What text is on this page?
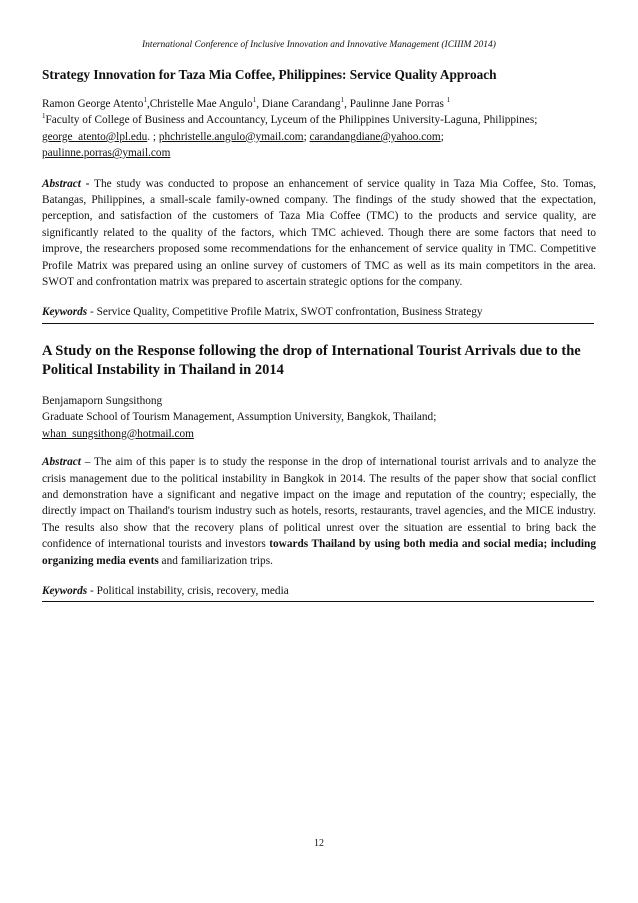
International Conference of Inclusive Innovation and Innovative Management (ICIIIM 2014)
Strategy Innovation for Taza Mia Coffee, Philippines: Service Quality Approach

Ramon George Atento$^1$,Christelle Mae Angulo$^1$, Diane Carandang$^1$, Paulinne Jane Porras $^1$

$^1$Faculty of College of Business and Accountancy, Lyceum of the Philippines University-Laguna, Philippines; george_atento@lpl.edu. ; phchristelle.angulo@ymail.com; carandangdiane@yahoo.com;
paulinne.porras@ymail.com

Abstract - The study was conducted to propose an enhancement of service quality in Taza Mia Coffee, Sto. Tomas, Batangas, Philippines, a small-scale family-owned company. The findings of the study showed that the expectation, perception, and satisfaction of the customers of Taza Mia Coffee (TMC) to the products and service quality, are significantly related to the quality of the factors, which TMC achieved. Though there are some factors that need to improve, the researchers proposed some recommendations for the enhancement of service quality in TMC. Competitive Profile Matrix was prepared using an online survey of customers of TMC as well as its main competitors in the area. SWOT and confrontation matrix was prepared to ascertain strategic options for the company.
Keywords - Service Quality, Competitive Profile Matrix, SWOT confrontation, Business Strategy
A Study on the Response following the drop of International Tourist Arrivals due to the Political Instability in Thailand in 2014

Benjamaporn Sungsithong

Graduate School of Tourism Management, Assumption University, Bangkok, Thailand;

whan_sungsithong@hotmail.com

Abstract – The aim of this paper is to study the response in the drop of international tourist arrivals and to analyze the crisis management due to the political instability in Bangkok in 2014. The results of the paper show that social conflict and demonstration have a significant and negative impact on the image and reputation of the country; especially, the directly impact on Thailand's tourism industry such as hotels, resorts, restaurants, travel agencies, and the MICE industry. The results also show that the recovery plans of political unrest over the situation are essential to bring back the confidence of international tourists and investors towards Thailand by using both media and social media; including organizing media events and familiarization trips.
Keywords - Political instability, crisis, recovery, media
12
